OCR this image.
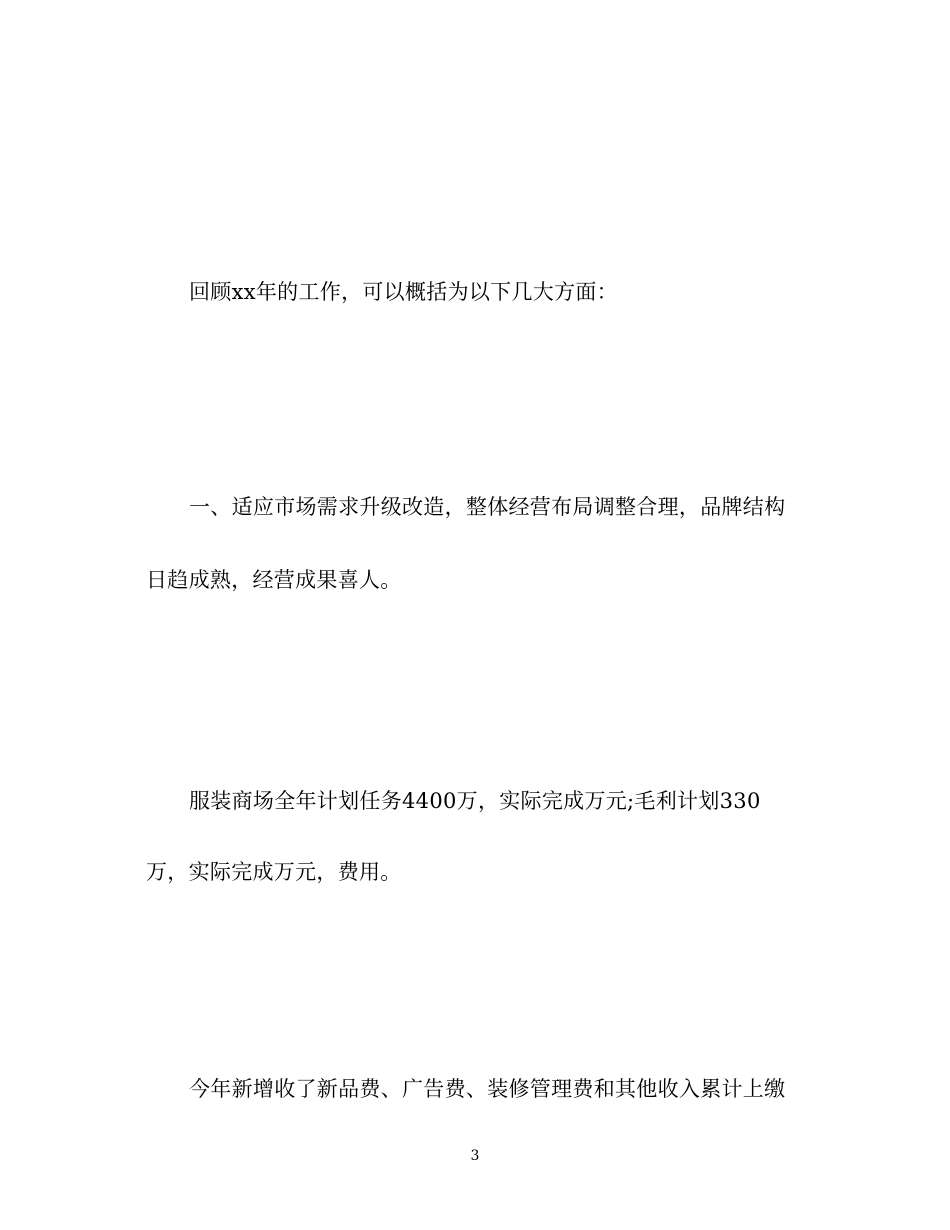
回顾xx年的工作，可以概括为以下几大方面：
一、适应市场需求升级改造，整体经营布局调整合理，品牌结构
日趋成熟，经营成果喜人。
服装商场全年计划任务4400万，实际完成万元;毛利计划330
万，实际完成万元，费用。
今年新增收了新品费、广告费、装修管理费和其他收入累计上缴
3
